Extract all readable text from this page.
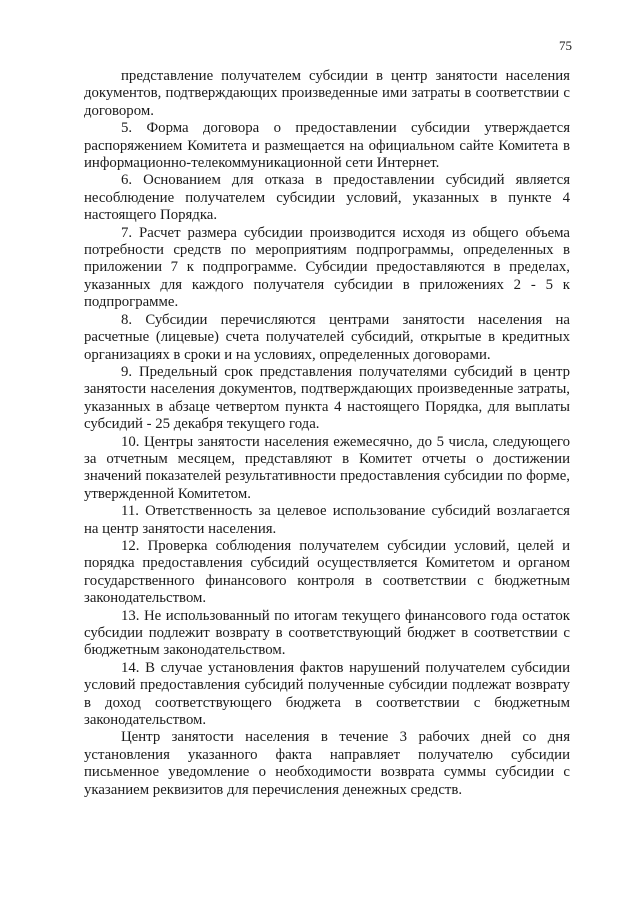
75

представление получателем субсидии в центр занятости населения документов, подтверждающих произведенные ими затраты в соответствии с договором.

5. Форма договора о предоставлении субсидии утверждается распоряжением Комитета и размещается на официальном сайте Комитета в информационно-телекоммуникационной сети Интернет.

6. Основанием для отказа в предоставлении субсидий является несоблюдение получателем субсидии условий, указанных в пункте 4 настоящего Порядка.

7. Расчет размера субсидии производится исходя из общего объема потребности средств по мероприятиям подпрограммы, определенных в приложении 7 к подпрограмме. Субсидии предоставляются в пределах, указанных для каждого получателя субсидии в приложениях 2 - 5 к подпрограмме.

8. Субсидии перечисляются центрами занятости населения на расчетные (лицевые) счета получателей субсидий, открытые в кредитных организациях в сроки и на условиях, определенных договорами.

9. Предельный срок представления получателями субсидий в центр занятости населения документов, подтверждающих произведенные затраты, указанных в абзаце четвертом пункта 4 настоящего Порядка, для выплаты субсидий - 25 декабря текущего года.

10. Центры занятости населения ежемесячно, до 5 числа, следующего за отчетным месяцем, представляют в Комитет отчеты о достижении значений показателей результативности предоставления субсидии по форме, утвержденной Комитетом.

11. Ответственность за целевое использование субсидий возлагается на центр занятости населения.

12. Проверка соблюдения получателем субсидии условий, целей и порядка предоставления субсидий осуществляется Комитетом и органом государственного финансового контроля в соответствии с бюджетным законодательством.

13. Не использованный по итогам текущего финансового года остаток субсидии подлежит возврату в соответствующий бюджет в соответствии с бюджетным законодательством.

14. В случае установления фактов нарушений получателем субсидии условий предоставления субсидий полученные субсидии подлежат возврату в доход соответствующего бюджета в соответствии с бюджетным законодательством.

Центр занятости населения в течение 3 рабочих дней со дня установления указанного факта направляет получателю субсидии письменное уведомление о необходимости возврата суммы субсидии с указанием реквизитов для перечисления денежных средств.
